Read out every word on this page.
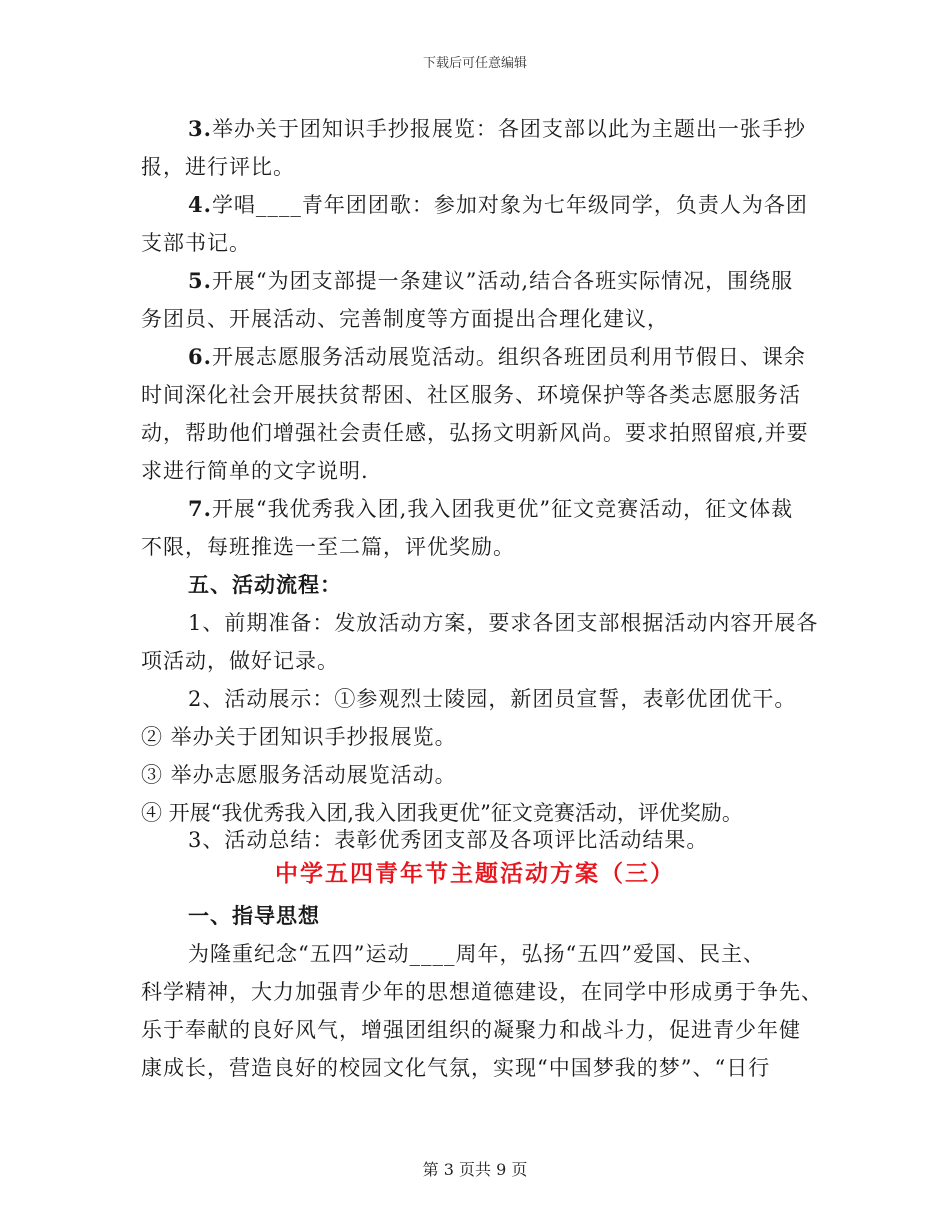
下载后可任意编辑
3.举办关于团知识手抄报展览：各团支部以此为主题出一张手抄
报，进行评比。
4.学唱____青年团团歌：参加对象为七年级同学，负责人为各团
支部书记。
5.开展“为团支部提一条建议”活动,结合各班实际情况，围绕服
务团员、开展活动、完善制度等方面提出合理化建议，
6.开展志愿服务活动展览活动。组织各班团员利用节假日、课余
时间深化社会开展扶贫帮困、社区服务、环境保护等各类志愿服务活
动，帮助他们增强社会责任感，弘扬文明新风尚。要求拍照留痕,并要
求进行简单的文字说明.
7.开展“我优秀我入团,我入团我更优”征文竞赛活动，征文体裁
不限，每班推选一至二篇，评优奖励。
五、活动流程：
1、前期准备：发放活动方案，要求各团支部根据活动内容开展各
项活动，做好记录。
2、活动展示：①参观烈士陵园，新团员宣誓，表彰优团优干。
② 举办关于团知识手抄报展览。
③ 举办志愿服务活动展览活动。
④ 开展“我优秀我入团,我入团我更优”征文竞赛活动，评优奖励。
3、活动总结：表彰优秀团支部及各项评比活动结果。
中学五四青年节主题活动方案（三）
一、指导思想
为隆重纪念“五四”运动____周年，弘扬“五四”爱国、民主、
科学精神，大力加强青少年的思想道德建设，在同学中形成勇于争先、
乐于奉献的良好风气，增强团组织的凝聚力和战斗力，促进青少年健
康成长，营造良好的校园文化气氛，实现“中国梦我的梦”、“日行
第 3 页共 9 页
